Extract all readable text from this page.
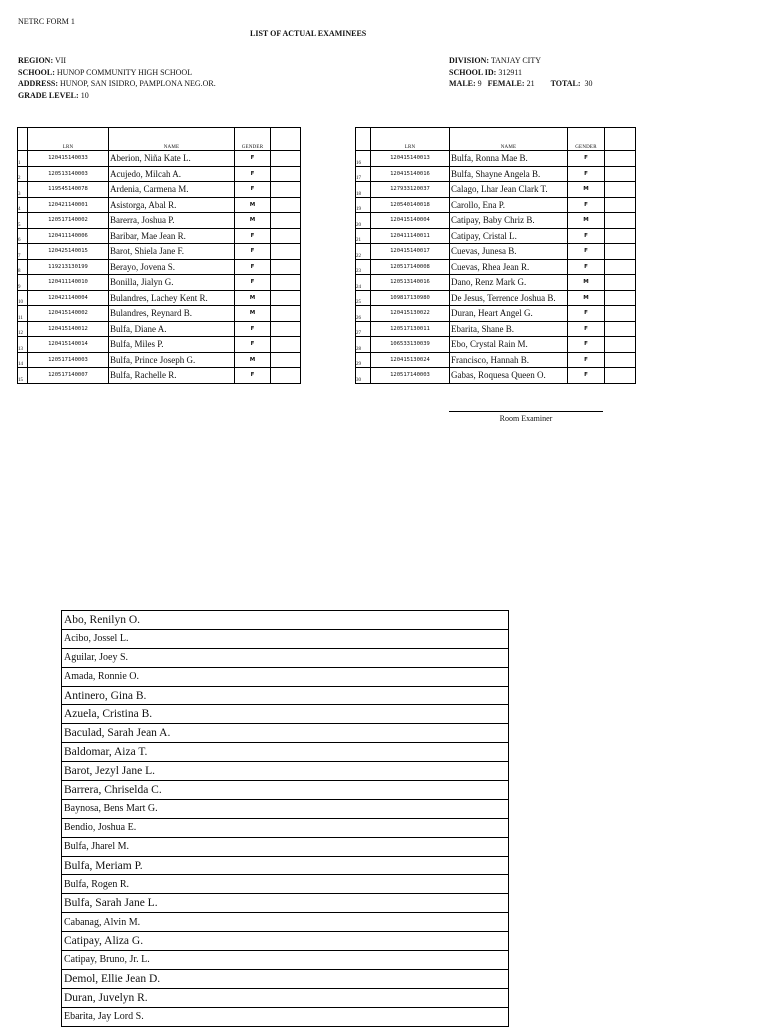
NETRC FORM 1
LIST OF ACTUAL EXAMINEES
REGION: VII
SCHOOL: HUNOP COMMUNITY HIGH SCHOOL
ADDRESS: HUNOP, SAN ISIDRO, PAMPLONA NEG.OR.
GRADE LEVEL: 10
DIVISION: TANJAY CITY
SCHOOL ID: 312911
MALE: 9 FEMALE: 21 TOTAL: 30
	LRN	NAME	GENDER	
1	120415140033	Aberion, Niña Kate L.	F	
2	120513140003	Acujedo, Milcah A.	F	
3	119545140078	Ardenia, Carmena M.	F	
4	120421140001	Asistorga, Abal R.	M	
5	120517140002	Barerra, Joshua P.	M	
6	120411140006	Baribar, Mae Jean R.	F	
7	120425140015	Barot, Shiela Jane F.	F	
8	119213130199	Berayo, Jovena S.	F	
9	120411140010	Bonilla, Jialyn G.	F	
10	120421140004	Bulandres, Lachey Kent R.	M	
11	120415140002	Bulandres, Reynard B.	M	
12	120415140012	Bulfa, Diane A.	F	
13	120415140014	Bulfa, Miles P.	F	
14	120517140003	Bulfa, Prince Joseph G.	M	
15	120517140007	Bulfa, Rachelle R.	F	
	LRN	NAME	GENDER	
16	120415140013	Bulfa, Ronna Mae B.	F	
17	120415140016	Bulfa, Shayne Angela B.	F	
18	127933120037	Calago, Lhar Jean Clark T.	M	
19	120540140018	Carollo, Ena P.	F	
20	120415140004	Catipay, Baby Chriz B.	M	
21	120411140011	Catipay, Cristal L.	F	
22	120415140017	Cuevas, Junesa B.	F	
23	120517140008	Cuevas, Rhea Jean R.	F	
24	120513140016	Dano, Renz Mark G.	M	
25	109817130980	De Jesus, Terrence Joshua B.	M	
26	120415130022	Duran, Heart Angel G.	F	
27	120517130011	Ebarita, Shane B.	F	
28	106533130039	Ebo, Crystal Rain M.	F	
29	120415130024	Francisco, Hannah B.	F	
30	120517140003	Gabas, Roquesa Queen O.	F	
Room Examiner
Abo, Renilyn O.
Acibo, Jossel L.
Aguilar, Joey S.
Amada, Ronnie O.
Antinero, Gina B.
Azuela, Cristina B.
Baculad, Sarah Jean A.
Baldomar, Aiza T.
Barot, Jezyl Jane L.
Barrera, Chriselda C.
Baynosa, Bens Mart G.
Bendio, Joshua E.
Bulfa, Jharel M.
Bulfa, Meriam P.
Bulfa, Rogen R.
Bulfa, Sarah Jane L.
Cabanag, Alvin M.
Catipay, Aliza G.
Catipay, Bruno, Jr. L.
Demol, Ellie Jean D.
Duran, Juvelyn R.
Ebarita, Jay Lord S.
